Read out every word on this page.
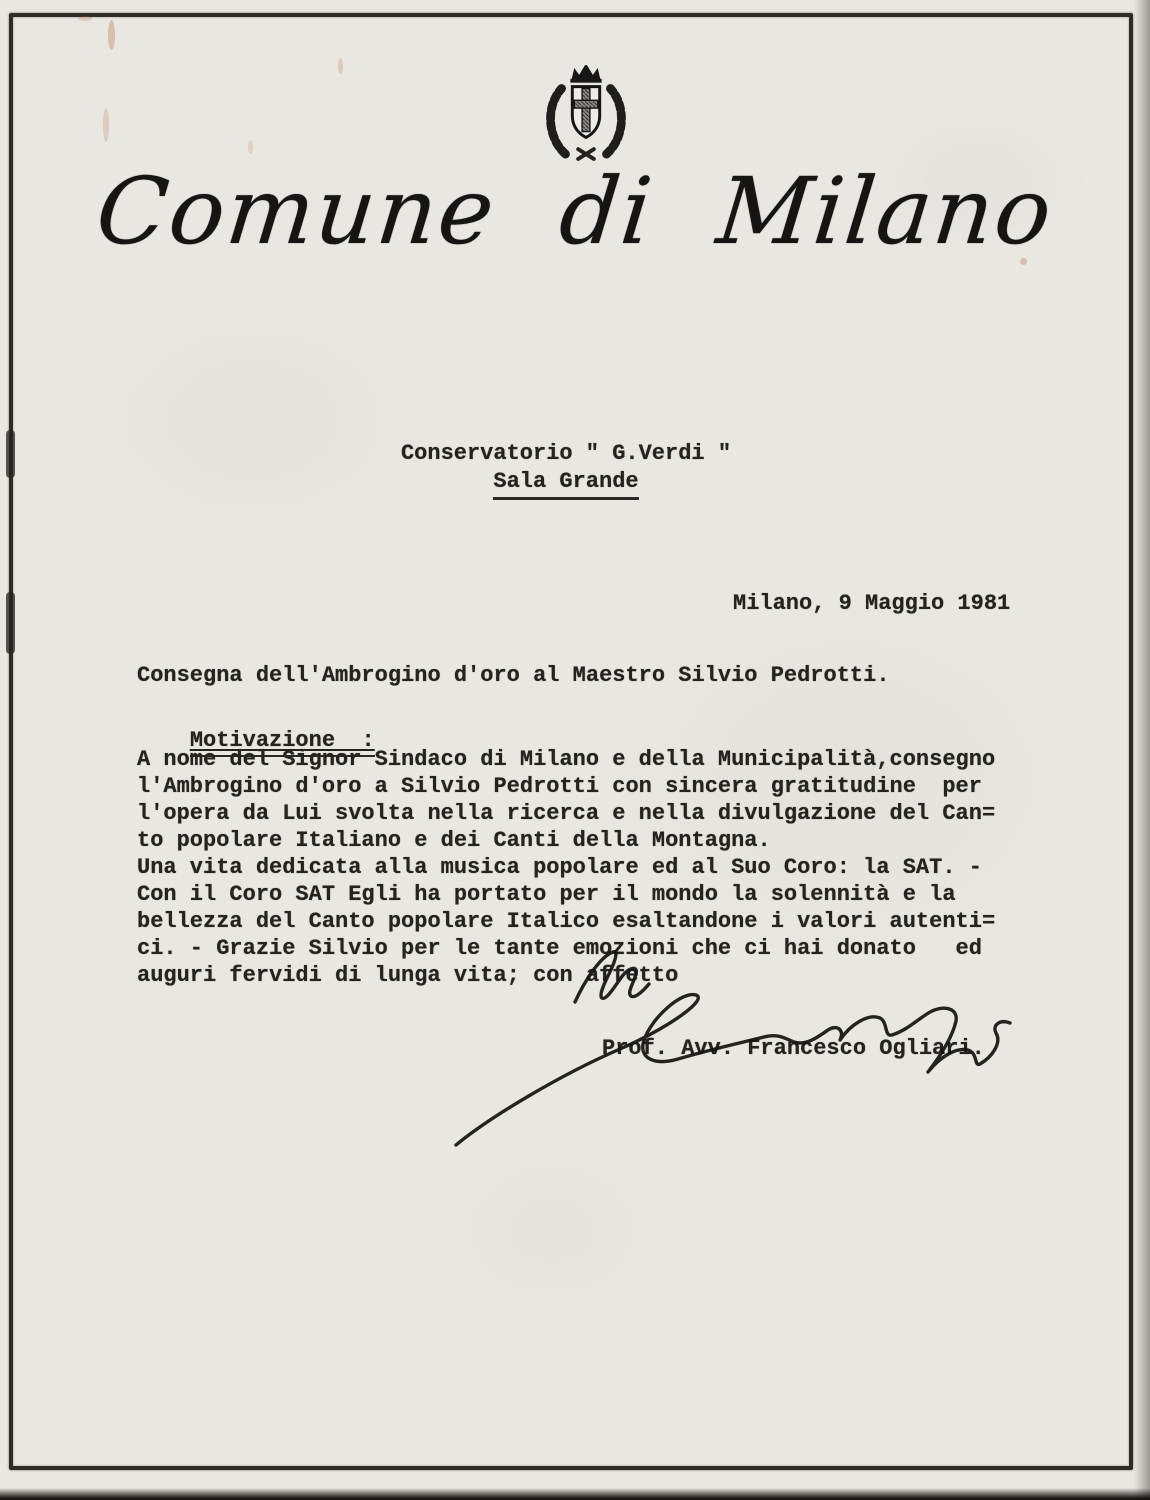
Comune di Milano
Conservatorio " G.Verdi "
Sala Grande
Milano, 9 Maggio 1981
Consegna dell'Ambrogino d'oro al Maestro Silvio Pedrotti.

Motivazione  :

A nome del Signor Sindaco di Milano e della Municipalità,consegno
l'Ambrogino d'oro a Silvio Pedrotti con sincera gratitudine  per
l'opera da Lui svolta nella ricerca e nella divulgazione del Can=
to popolare Italiano e dei Canti della Montagna.
Una vita dedicata alla musica popolare ed al Suo Coro: la SAT. -
Con il Coro SAT Egli ha portato per il mondo la solennità e la
bellezza del Canto popolare Italico esaltandone i valori autenti=
ci. - Grazie Silvio per le tante emozioni che ci hai donato   ed
auguri fervidi di lunga vita; con affetto
Prof. Avv. Francesco Ogliari.
